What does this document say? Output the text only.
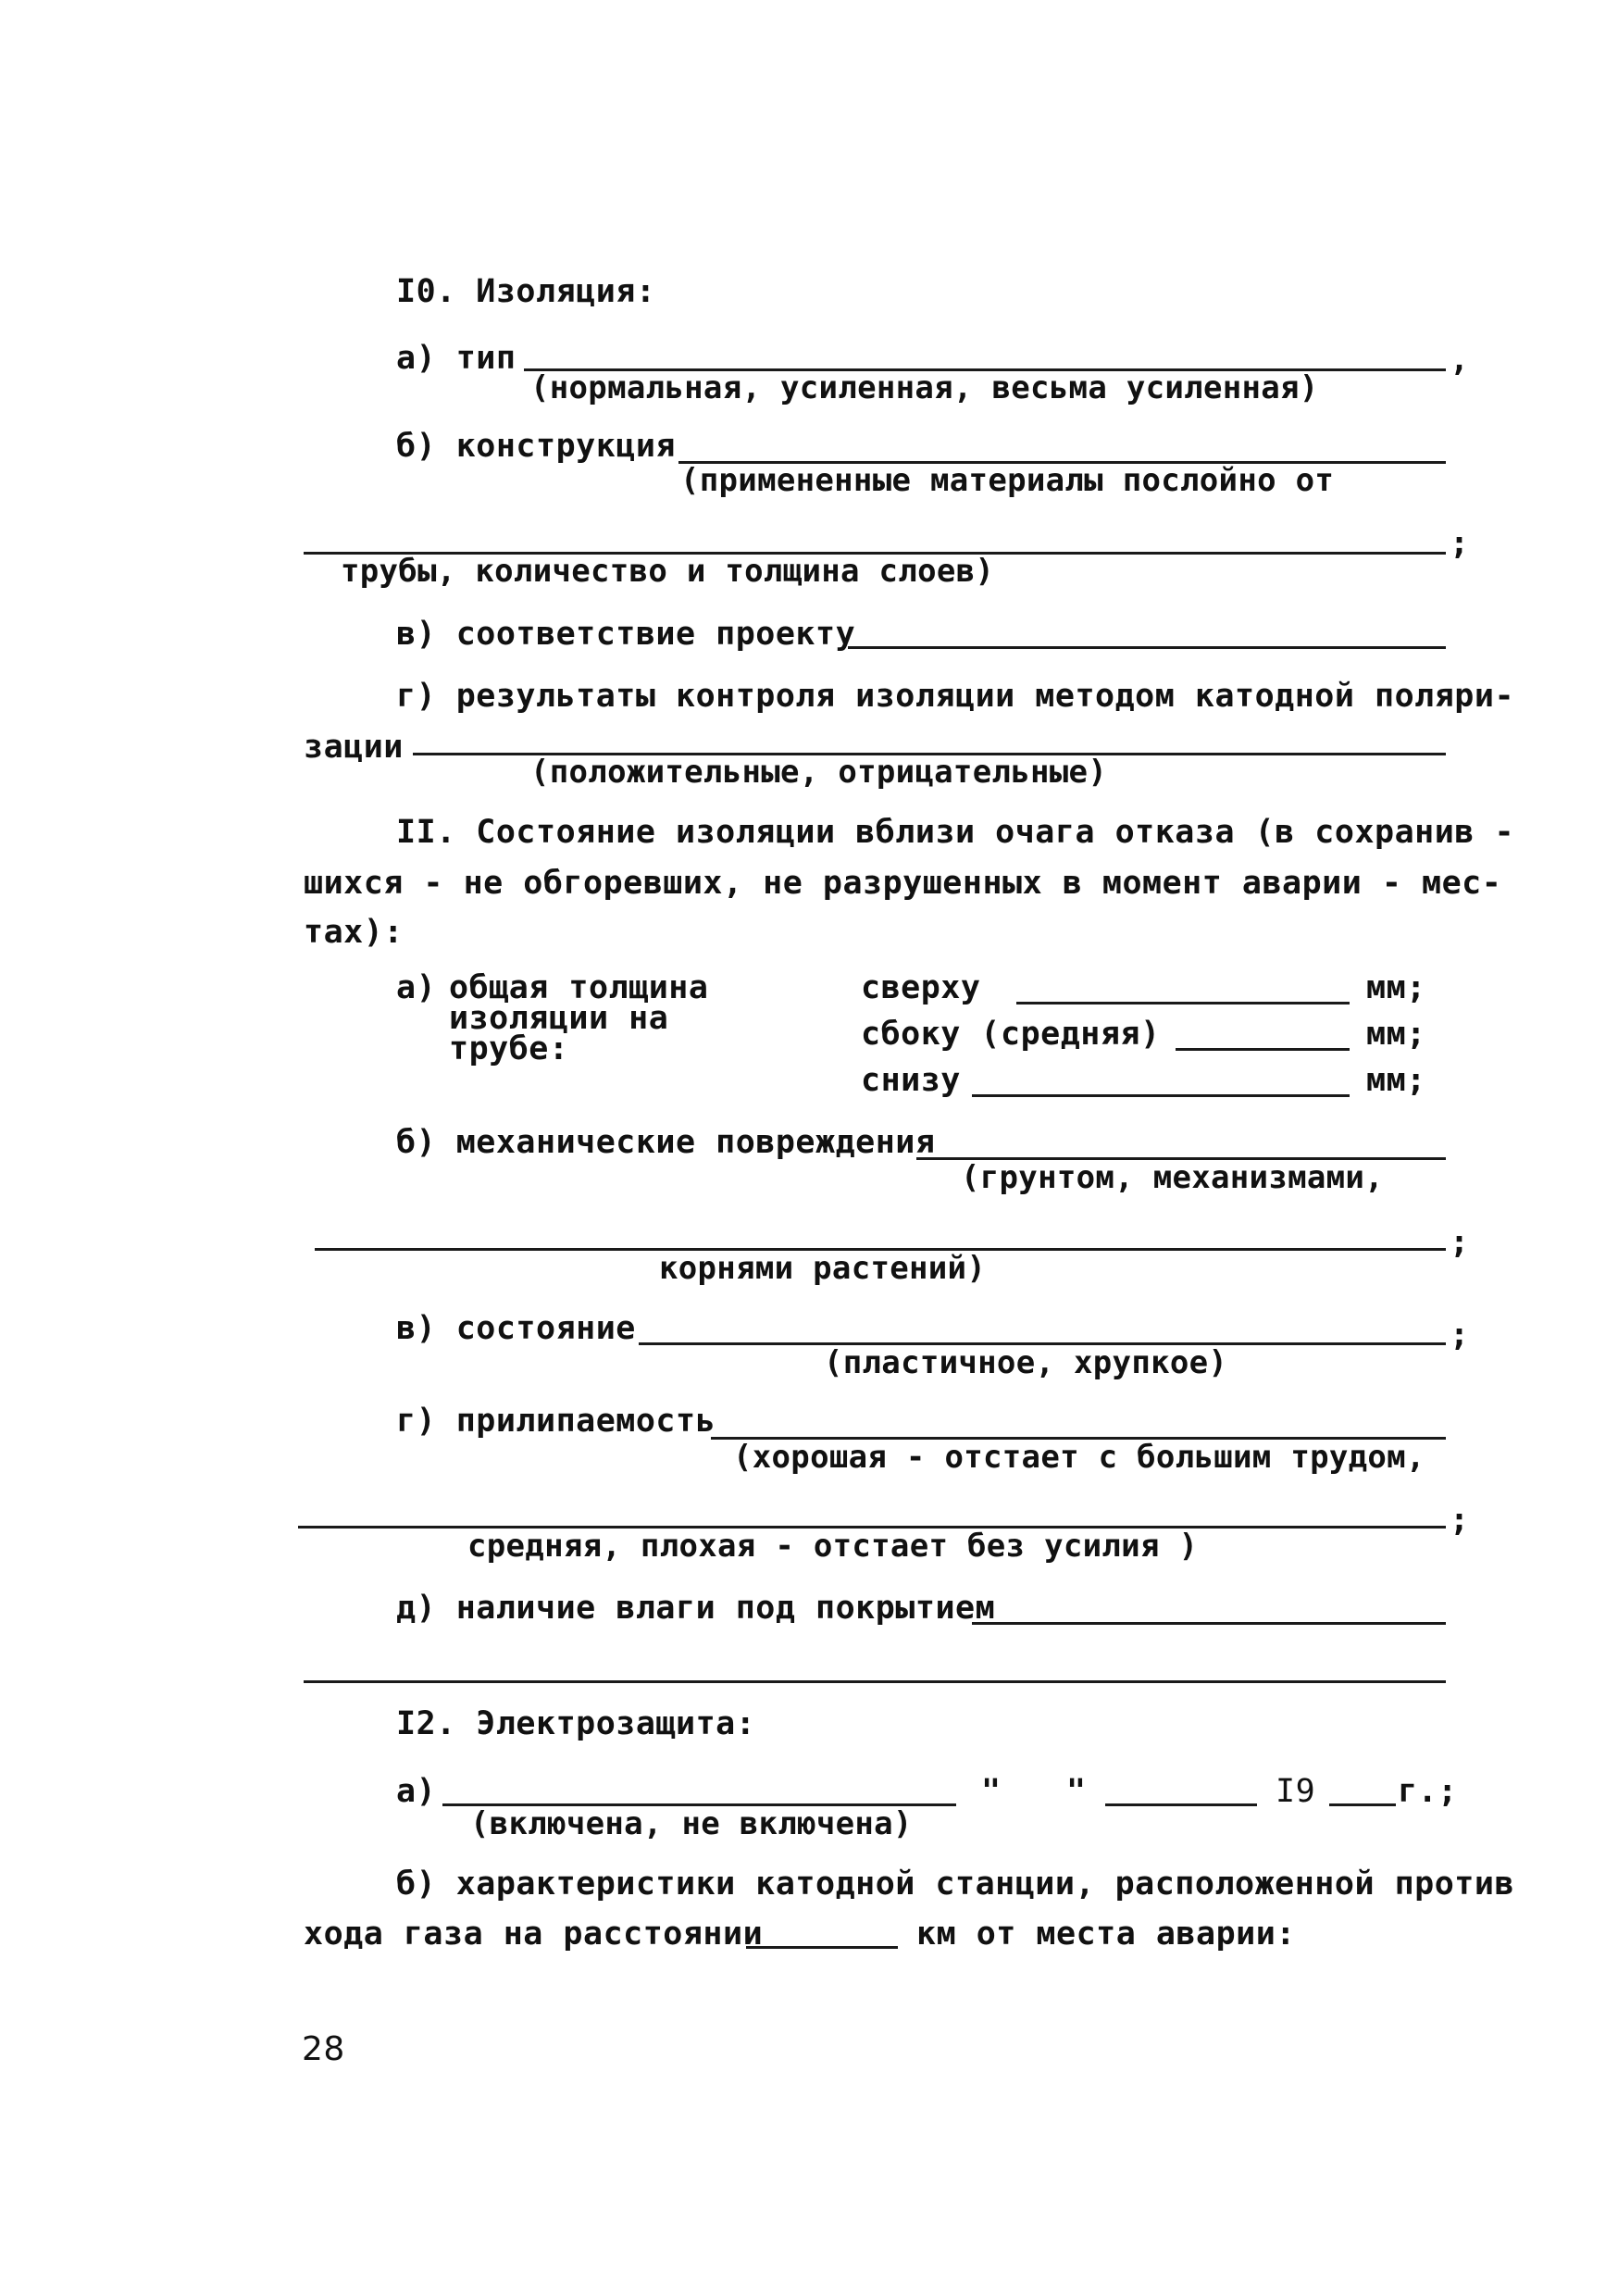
I0. Изоляция:
а) тип
(нормальная, усиленная, весьма усиленная)
,
б) конструкция
(примененные материалы послойно от
;
трубы, количество и толщина слоев)
в) соответствие проекту
г) результаты контроля изоляции методом катодной поляри-
зации
(положительные, отрицательные)
II. Состояние изоляции вблизи очага отказа (в сохранив -
шихся - не обгоревших, не разрушенных в момент аварии - мес-
тах):
а) общая толщина
изоляции на
трубе:
сверху	мм;
сбоку (средняя)	мм;
снизу	мм;
б) механические повреждения
(грунтом, механизмами,
;
корнями растений)
в) состояние
(пластичное, хрупкое)
;
г) прилипаемость
(хорошая - отстает с большим трудом,
;
средняя, плохая - отстает без усилия )
д) наличие влаги под покрытием
I2. Электрозащита:
а)
(включена, не включена)
" "	I9	г.;
б) характеристики катодной станции, расположенной против
хода газа на расстоянии	км от места аварии:
28
